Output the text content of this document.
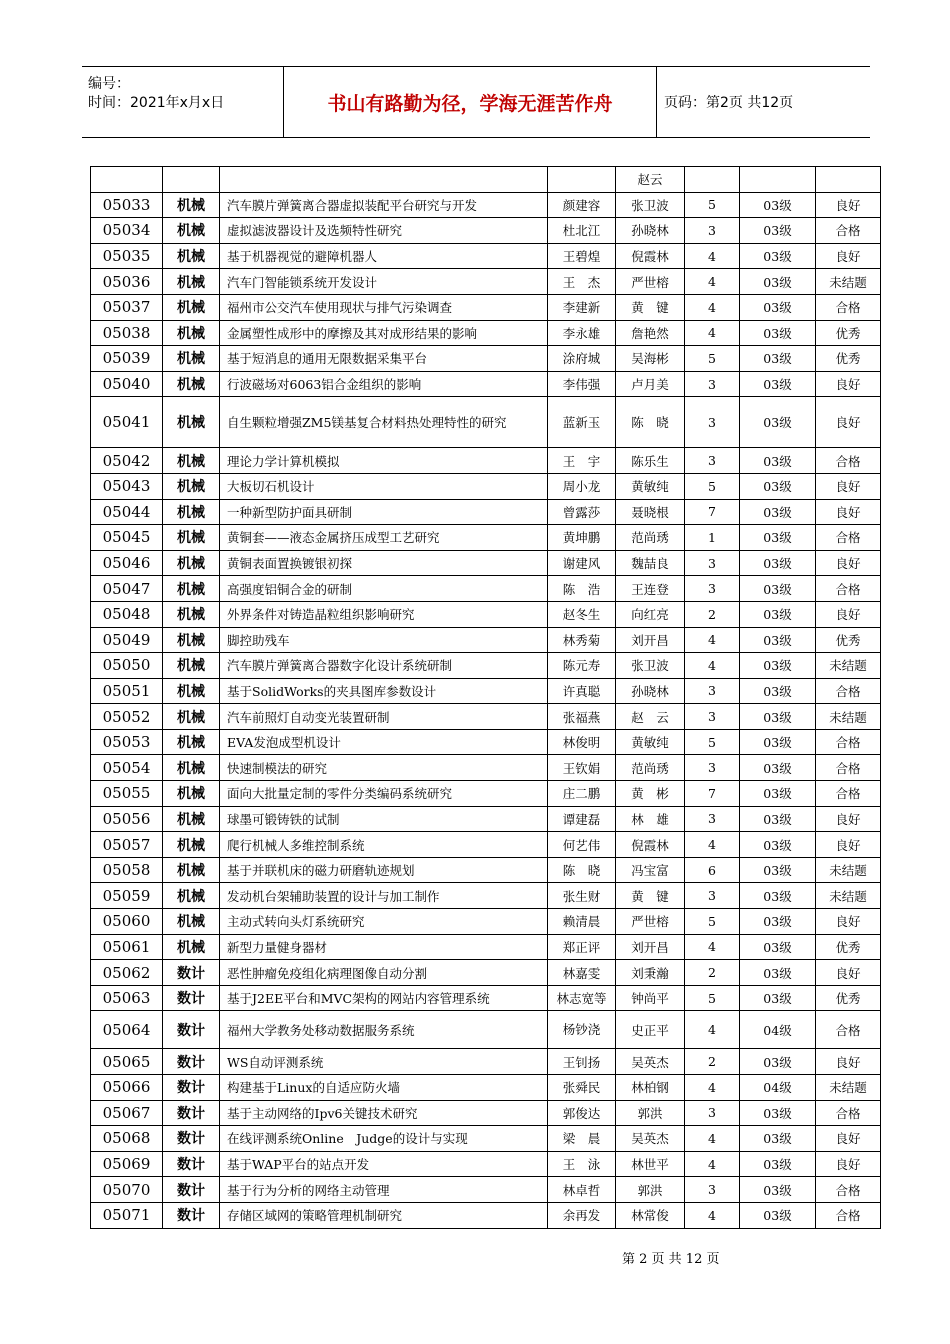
编号：
时间：2021年x月x日	书山有路勤为径，学海无涯苦作舟	页码：第2页 共12页
				赵云			
05033	机械	汽车膜片弹簧离合器虚拟装配平台研究与开发	颜建容	张卫波	5	03级	良好
05034	机械	虚拟滤波器设计及选频特性研究	杜北江	孙晓林	3	03级	合格
05035	机械	基于机器视觉的避障机器人	王碧煌	倪霞林	4	03级	良好
05036	机械	汽车门智能锁系统开发设计	王　杰	严世榕	4	03级	未结题
05037	机械	福州市公交汽车使用现状与排气污染调查	李建新	黄　键	4	03级	合格
05038	机械	金属塑性成形中的摩擦及其对成形结果的影响	李永雄	詹艳然	4	03级	优秀
05039	机械	基于短消息的通用无限数据采集平台	涂府城	吴海彬	5	03级	优秀
05040	机械	行波磁场对6063铝合金组织的影响	李伟强	卢月美	3	03级	良好
05041	机械	自生颗粒增强ZM5镁基复合材料热处理特性的研究	蓝新玉	陈　晓	3	03级	良好
05042	机械	理论力学计算机模拟	王　宇	陈乐生	3	03级	合格
05043	机械	大板切石机设计	周小龙	黄敏纯	5	03级	良好
05044	机械	一种新型防护面具研制	曾露莎	聂晓根	7	03级	良好
05045	机械	黄铜套——液态金属挤压成型工艺研究	黄坤鹏	范尚琇	1	03级	合格
05046	机械	黄铜表面置换镀银初探	谢建风	魏喆良	3	03级	良好
05047	机械	高强度铝铜合金的研制	陈　浩	王连登	3	03级	合格
05048	机械	外界条件对铸造晶粒组织影响研究	赵冬生	向红亮	2	03级	良好
05049	机械	脚控助残车	林秀菊	刘开昌	4	03级	优秀
05050	机械	汽车膜片弹簧离合器数字化设计系统研制	陈元寿	张卫波	4	03级	未结题
05051	机械	基于SolidWorks的夹具图库参数设计	许真聪	孙晓林	3	03级	合格
05052	机械	汽车前照灯自动变光装置研制	张福燕	赵　云	3	03级	未结题
05053	机械	EVA发泡成型机设计	林俊明	黄敏纯	5	03级	合格
05054	机械	快速制模法的研究	王钦娟	范尚琇	3	03级	合格
05055	机械	面向大批量定制的零件分类编码系统研究	庄二鹏	黄　彬	7	03级	合格
05056	机械	球墨可锻铸铁的试制	谭建磊	林　雄	3	03级	良好
05057	机械	爬行机械人多维控制系统	何艺伟	倪霞林	4	03级	良好
05058	机械	基于并联机床的磁力研磨轨迹规划	陈　晓	冯宝富	6	03级	未结题
05059	机械	发动机台架辅助装置的设计与加工制作	张生财	黄　键	3	03级	未结题
05060	机械	主动式转向头灯系统研究	赖清晨	严世榕	5	03级	良好
05061	机械	新型力量健身器材	郑正评	刘开昌	4	03级	优秀
05062	数计	恶性肿瘤免疫组化病理图像自动分割	林嘉雯	刘秉瀚	2	03级	良好
05063	数计	基于J2EE平台和MVC架构的网站内容管理系统	林志宽等	钟尚平	5	03级	优秀
05064	数计	福州大学教务处移动数据服务系统	杨钞浇	史正平	4	04级	合格
05065	数计	WS自动评测系统	王钊扬	吴英杰	2	03级	良好
05066	数计	构建基于Linux的自适应防火墙	张舜民	林柏钢	4	04级	未结题
05067	数计	基于主动网络的Ipv6关键技术研究	郭俊达	郭洪	3	03级	合格
05068	数计	在线评测系统Online　Judge的设计与实现	梁　晨	吴英杰	4	03级	良好
05069	数计	基于WAP平台的站点开发	王　泳	林世平	4	03级	良好
05070	数计	基于行为分析的网络主动管理	林卓哲	郭洪	3	03级	合格
05071	数计	存储区域网的策略管理机制研究	余再发	林常俊	4	03级	合格
第 2 页 共 12 页
